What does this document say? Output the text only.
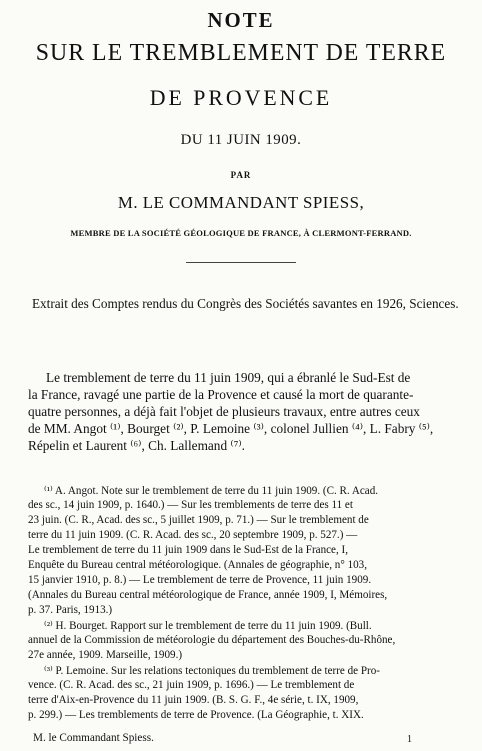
NOTE
SUR LE TREMBLEMENT DE TERRE
DE PROVENCE
DU 11 JUIN 1909.
PAR
M. LE COMMANDANT SPIESS,
MEMBRE DE LA SOCIÉTÉ GÉOLOGIQUE DE FRANCE, À CLERMONT-FERRAND.
Extrait des Comptes rendus du Congrès des Sociétés savantes en 1926, Sciences.
Le tremblement de terre du 11 juin 1909, qui a ébranlé le Sud-Est de
la France, ravagé une partie de la Provence et causé la mort de quarante-
quatre personnes, a déjà fait l'objet de plusieurs travaux, entre autres ceux
de MM. Angot ⁽¹⁾, Bourget ⁽²⁾, P. Lemoine ⁽³⁾, colonel Jullien ⁽⁴⁾, L. Fabry ⁽⁵⁾,
Répelin et Laurent ⁽⁶⁾, Ch. Lallemand ⁽⁷⁾.
⁽¹⁾ A. Angot. Note sur le tremblement de terre du 11 juin 1909. (C. R. Acad.
des sc., 14 juin 1909, p. 1640.) — Sur les tremblements de terre des 11 et
23 juin. (C. R., Acad. des sc., 5 juillet 1909, p. 71.) — Sur le tremblement de
terre du 11 juin 1909. (C. R. Acad. des sc., 20 septembre 1909, p. 527.) —
Le tremblement de terre du 11 juin 1909 dans le Sud-Est de la France, I,
Enquête du Bureau central météorologique. (Annales de géographie, n° 103,
15 janvier 1910, p. 8.) — Le tremblement de terre de Provence, 11 juin 1909.
(Annales du Bureau central météorologique de France, année 1909, I, Mémoires,
p. 37. Paris, 1913.)
⁽²⁾ H. Bourget. Rapport sur le tremblement de terre du 11 juin 1909. (Bull.
annuel de la Commission de météorologie du département des Bouches-du-Rhône,
27e année, 1909. Marseille, 1909.)
⁽³⁾ P. Lemoine. Sur les relations tectoniques du tremblement de terre de Pro-
vence. (C. R. Acad. des sc., 21 juin 1909, p. 1696.) — Le tremblement de
terre d'Aix-en-Provence du 11 juin 1909. (B. S. G. F., 4e série, t. IX, 1909,
p. 299.) — Les tremblements de terre de Provence. (La Géographie, t. XIX.
M. le Commandant Spiess.	1
